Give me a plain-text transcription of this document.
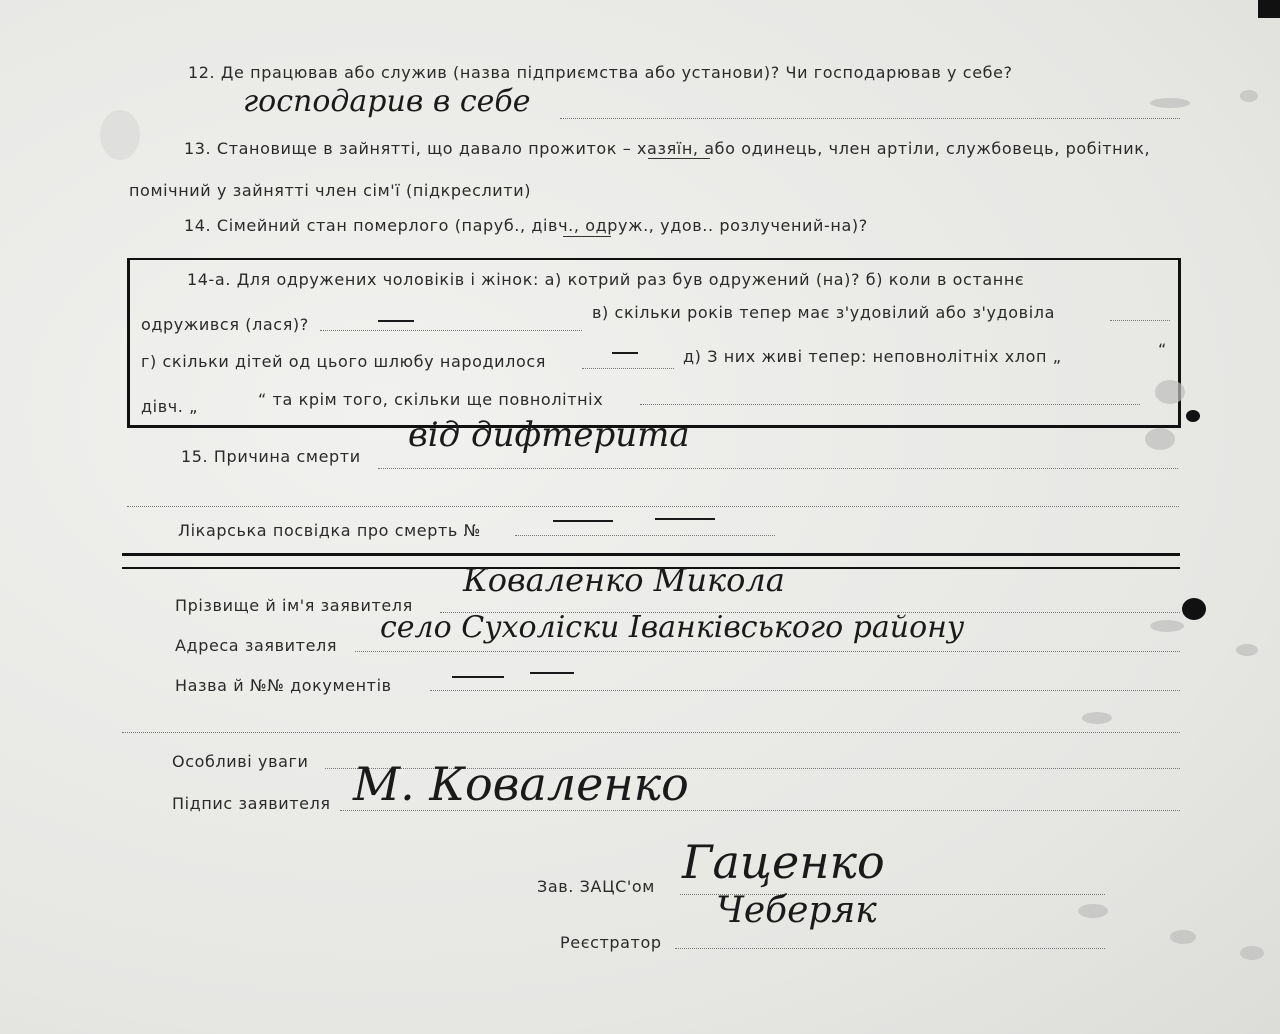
12. Де працював або служив (назва підприємства або установи)? Чи господарював у себе?
господарив в себе
13. Становище в зайнятті, що давало прожиток – хазяїн, або одинець, член артіли, службовець, робітник,
помічний у зайнятті член сім'ї (підкреслити)
14. Сімейний стан померлого (паруб., дівч., одруж., удов.. розлучений-на)?
14-а. Для одружених чоловіків і жінок: а) котрий раз був одружений (на)? б) коли в останнє
одружився (лася)?
в) скільки років тепер має з'удовілий або з'удовіла
г) скільки дітей од цього шлюбу народилося	д) З них живі тепер: неповнолітніх хлоп „	“
дівч. „	“ та крім того, скільки ще повнолітніх
15. Причина смерти
від дифтерита
Лікарська посвідка про смерть №
Прізвище й ім'я заявителя
Коваленко Микола
Адреса заявителя
село Сухоліски Іванківського району
Назва й №№ документів
Особливі уваги
Підпис заявителя М. Коваленко
Зав. ЗАЦС'ом Гаценко
Реєстратор
Чеберяк
